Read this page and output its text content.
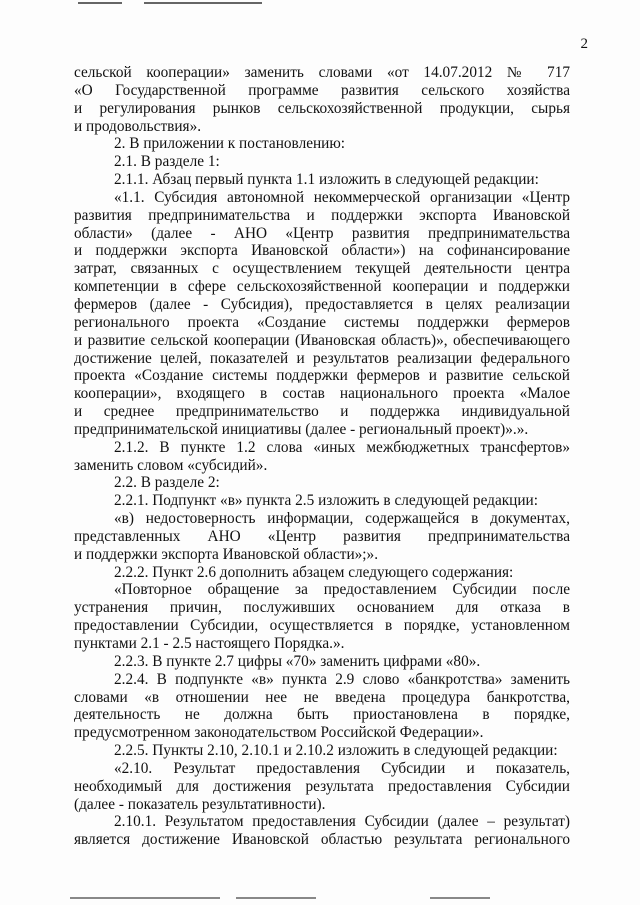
2

сельской кооперации» заменить словами «от 14.07.2012 № 717

«О Государственной программе развития сельского хозяйства

и регулирования рынков сельскохозяйственной продукции, сырья

и продовольствия».

2. В приложении к постановлению:

2.1. В разделе 1:

2.1.1. Абзац первый пункта 1.1 изложить в следующей редакции:

«1.1. Субсидия автономной некоммерческой организации «Центр

развития предпринимательства и поддержки экспорта Ивановской

области» (далее - АНО «Центр развития предпринимательства

и поддержки экспорта Ивановской области») на софинансирование

затрат, связанных с осуществлением текущей деятельности центра

компетенции в сфере сельскохозяйственной кооперации и поддержки

фермеров (далее - Субсидия), предоставляется в целях реализации

регионального проекта «Создание системы поддержки фермеров

и развитие сельской кооперации (Ивановская область)», обеспечивающего

достижение целей, показателей и результатов реализации федерального

проекта «Создание системы поддержки фермеров и развитие сельской

кооперации», входящего в состав национального проекта «Малое

и среднее предпринимательство и поддержка индивидуальной

предпринимательской инициативы (далее - региональный проект)».».

2.1.2. В пункте 1.2 слова «иных межбюджетных трансфертов»

заменить словом «субсидий».

2.2. В разделе 2:

2.2.1. Подпункт «в» пункта 2.5 изложить в следующей редакции:

«в) недостоверность информации, содержащейся в документах,

представленных АНО «Центр развития предпринимательства

и поддержки экспорта Ивановской области»;».

2.2.2. Пункт 2.6 дополнить абзацем следующего содержания:

«Повторное обращение за предоставлением Субсидии после

устранения причин, послуживших основанием для отказа в

предоставлении Субсидии, осуществляется в порядке, установленном

пунктами 2.1 - 2.5 настоящего Порядка.».

2.2.3. В пункте 2.7 цифры «70» заменить цифрами «80».

2.2.4. В подпункте «в» пункта 2.9 слово «банкротства» заменить

словами «в отношении нее не введена процедура банкротства,

деятельность не должна быть приостановлена в порядке,

предусмотренном законодательством Российской Федерации».

2.2.5. Пункты 2.10, 2.10.1 и 2.10.2 изложить в следующей редакции:

«2.10. Результат предоставления Субсидии и показатель,

необходимый для достижения результата предоставления Субсидии

(далее - показатель результативности).

2.10.1. Результатом предоставления Субсидии (далее – результат)

является достижение Ивановской областью результата регионального
